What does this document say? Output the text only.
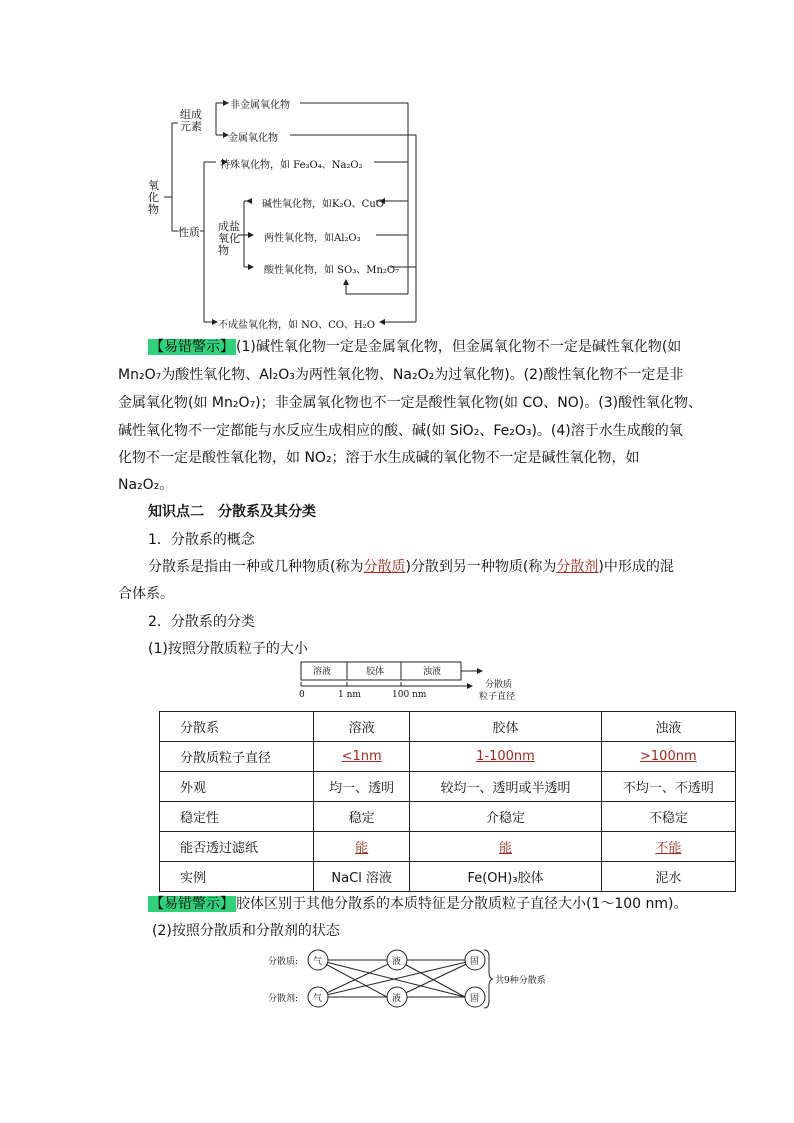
氧化物
组成元素
性质
非金属氧化物
金属氧化物
特殊氧化物，如 Fe₃O₄、Na₂O₂
成盐氧化物
碱性氧化物，如K₂O、CuO
两性氧化物，如Al₂O₃
酸性氧化物，如 SO₃、Mn₂O₇
不成盐氧化物，如 NO、CO、H₂O
【易错警示】 (1)碱性氧化物一定是金属氧化物，但金属氧化物不一定是碱性氧化物(如
Mn₂O₇为酸性氧化物、Al₂O₃为两性氧化物、Na₂O₂为过氧化物)。(2)酸性氧化物不一定是非
金属氧化物(如 Mn₂O₇)；非金属氧化物也不一定是酸性氧化物(如 CO、NO)。(3)酸性氧化物、
碱性氧化物不一定都能与水反应生成相应的酸、碱(如 SiO₂、Fe₂O₃)。(4)溶于水生成酸的氧
化物不一定是酸性氧化物，如 NO₂；溶于水生成碱的氧化物不一定是碱性氧化物，如
Na₂O₂。
知识点二　分散系及其分类
1．分散系的概念
分散系是指由一种或几种物质(称为分散质)分散到另一种物质(称为分散剂)中形成的混
合体系。
2．分散系的分类
(1)按照分散质粒子的大小
溶液	胶体	浊液
0	1 nm	100 nm
分散质
粒子直径
分散系	溶液	胶体	浊液
分散质粒子直径	<1nm	1-100nm	>100nm
外观	均一、透明	较均一、透明或半透明	不均一、不透明
稳定性	稳定	介稳定	不稳定
能否透过滤纸	能	能	不能
实例	NaCl 溶液	Fe(OH)₃胶体	泥水
【易错警示】 胶体区别于其他分散系的本质特征是分散质粒子直径大小(1～100 nm)。
(2)按照分散质和分散剂的状态
分散质:
分散剂:
气	液	固
气	液	固
共9种分散系
